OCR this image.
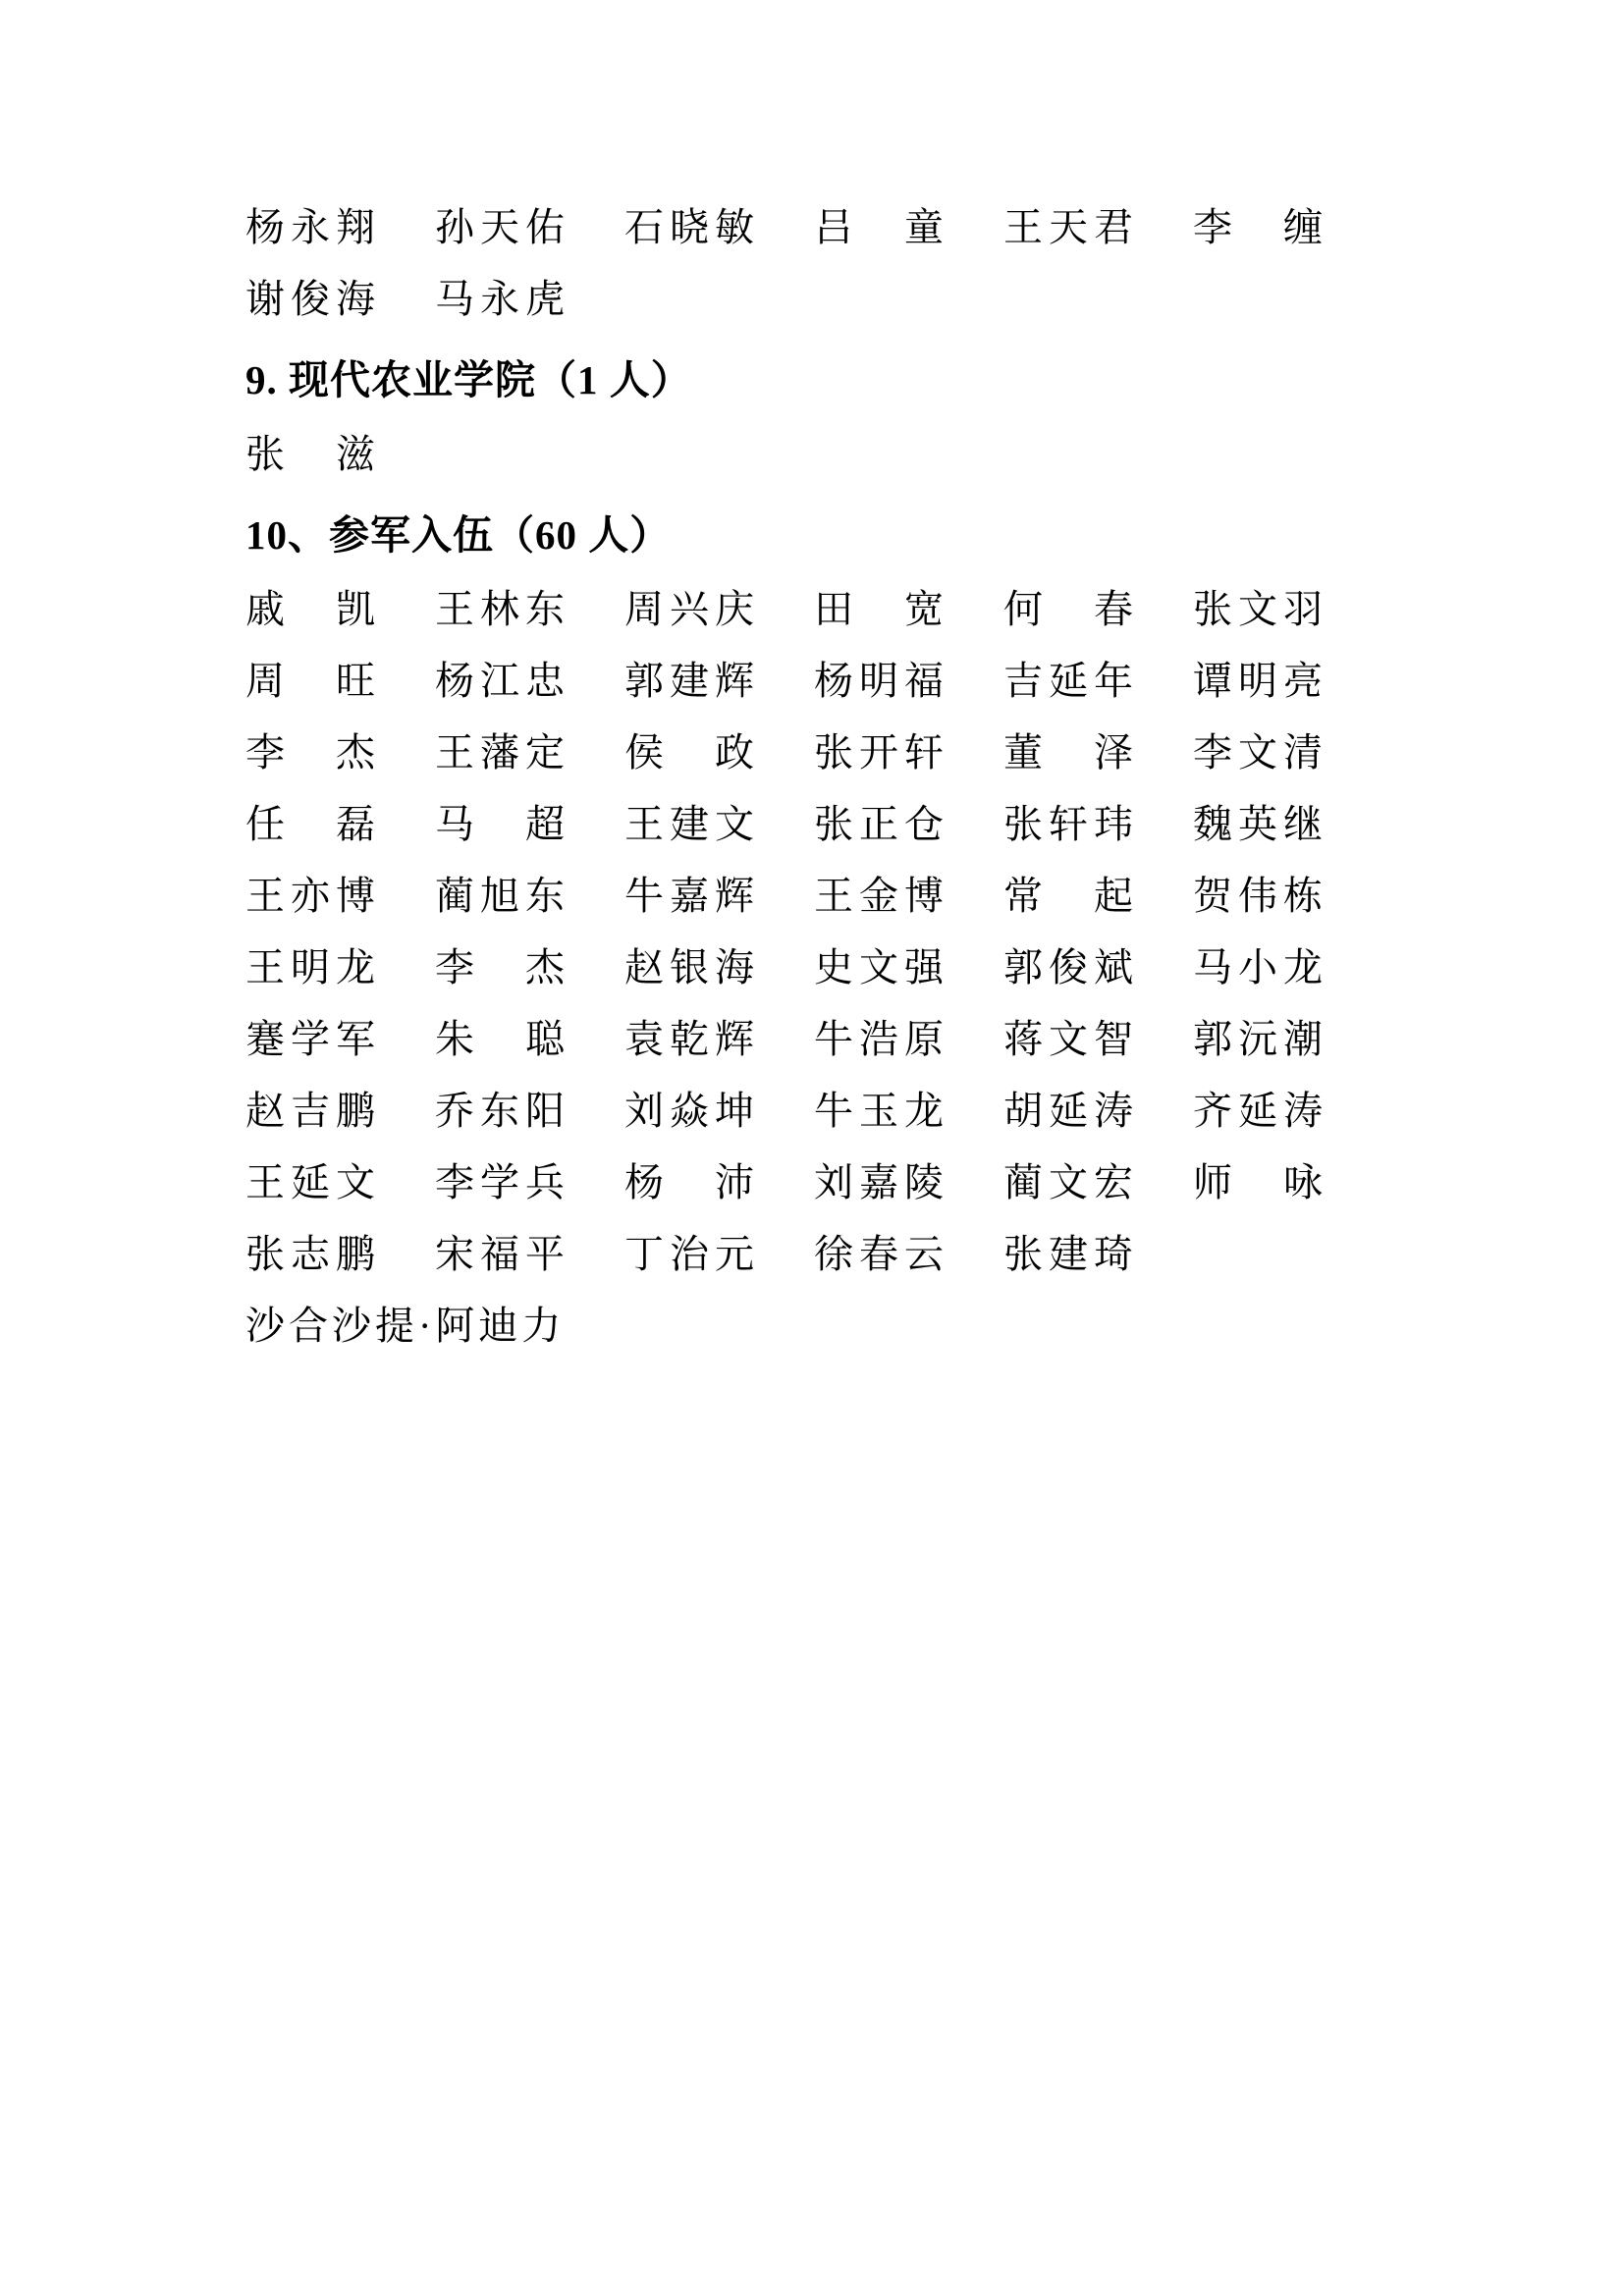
杨永翔 孙天佑 石晓敏 吕童 王天君 李缠
谢俊海 马永虎
9. 现代农业学院（1 人）
张滋
10、参军入伍（60 人）
戚凯 王林东 周兴庆 田宽 何春 张文羽
周旺 杨江忠 郭建辉 杨明福 吉延年 谭明亮
李杰 王藩定 侯政 张开轩 董泽 李文清
任磊 马超 王建文 张正仓 张轩玮 魏英继
王亦博 蔺旭东 牛嘉辉 王金博 常起 贺伟栋
王明龙 李杰 赵银海 史文强 郭俊斌 马小龙
蹇学军 朱聪 袁乾辉 牛浩原 蒋文智 郭沅潮
赵吉鹏 乔东阳 刘焱坤 牛玉龙 胡延涛 齐延涛
王延文 李学兵 杨沛 刘嘉陵 蔺文宏 师咏
张志鹏 宋福平 丁治元 徐春云 张建琦
沙合沙提·阿迪力
